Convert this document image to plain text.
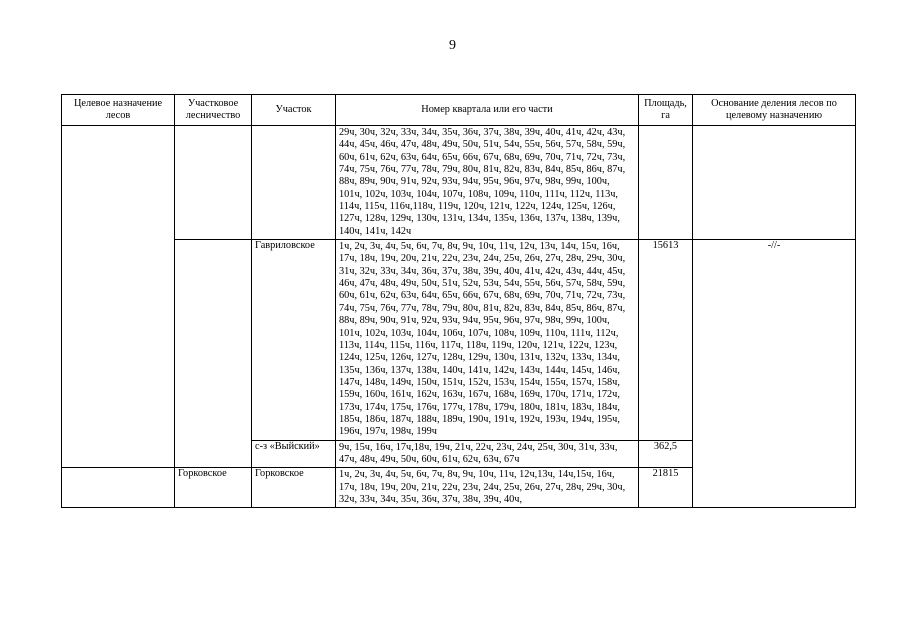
9
Целевое назначение лесов	Участковое лесничество	Участок	Номер квартала или его части	Площадь, га	Основание деления лесов по целевому назначению
			29ч, 30ч, 32ч, 33ч, 34ч, 35ч, 36ч, 37ч, 38ч, 39ч, 40ч, 41ч, 42ч, 43ч, 44ч, 45ч, 46ч, 47ч, 48ч, 49ч, 50ч, 51ч, 54ч, 55ч, 56ч, 57ч, 58ч, 59ч, 60ч, 61ч, 62ч, 63ч, 64ч, 65ч, 66ч, 67ч, 68ч, 69ч, 70ч, 71ч, 72ч, 73ч, 74ч, 75ч, 76ч, 77ч, 78ч, 79ч, 80ч, 81ч, 82ч, 83ч, 84ч, 85ч, 86ч, 87ч, 88ч, 89ч, 90ч, 91ч, 92ч, 93ч, 94ч, 95ч, 96ч, 97ч, 98ч, 99ч, 100ч, 101ч, 102ч, 103ч, 104ч, 107ч, 108ч, 109ч, 110ч, 111ч, 112ч, 113ч, 114ч, 115ч, 116ч,118ч, 119ч, 120ч, 121ч, 122ч, 124ч, 125ч, 126ч, 127ч, 128ч, 129ч, 130ч, 131ч, 134ч, 135ч, 136ч, 137ч, 138ч, 139ч, 140ч, 141ч, 142ч		
		Гавриловское	1ч, 2ч, 3ч, 4ч, 5ч, 6ч, 7ч, 8ч, 9ч, 10ч, 11ч, 12ч, 13ч, 14ч, 15ч, 16ч, 17ч, 18ч, 19ч, 20ч, 21ч, 22ч, 23ч, 24ч, 25ч, 26ч, 27ч, 28ч, 29ч, 30ч, 31ч, 32ч, 33ч, 34ч, 36ч, 37ч, 38ч, 39ч, 40ч, 41ч, 42ч, 43ч, 44ч, 45ч, 46ч, 47ч, 48ч, 49ч, 50ч, 51ч, 52ч, 53ч, 54ч, 55ч, 56ч, 57ч, 58ч, 59ч, 60ч, 61ч, 62ч, 63ч, 64ч, 65ч, 66ч, 67ч, 68ч, 69ч, 70ч, 71ч, 72ч, 73ч, 74ч, 75ч, 76ч, 77ч, 78ч, 79ч, 80ч, 81ч, 82ч, 83ч, 84ч, 85ч, 86ч, 87ч, 88ч, 89ч, 90ч, 91ч, 92ч, 93ч, 94ч, 95ч, 96ч, 97ч, 98ч, 99ч, 100ч, 101ч, 102ч, 103ч, 104ч, 106ч, 107ч, 108ч, 109ч, 110ч, 111ч, 112ч, 113ч, 114ч, 115ч, 116ч, 117ч, 118ч, 119ч, 120ч, 121ч, 122ч, 123ч, 124ч, 125ч, 126ч, 127ч, 128ч, 129ч, 130ч, 131ч, 132ч, 133ч, 134ч, 135ч, 136ч, 137ч, 138ч, 140ч, 141ч, 142ч, 143ч, 144ч, 145ч, 146ч, 147ч, 148ч, 149ч, 150ч, 151ч, 152ч, 153ч, 154ч, 155ч, 157ч, 158ч, 159ч, 160ч, 161ч, 162ч, 163ч, 167ч, 168ч, 169ч, 170ч, 171ч, 172ч, 173ч, 174ч, 175ч, 176ч, 177ч, 178ч, 179ч, 180ч, 181ч, 183ч, 184ч, 185ч, 186ч, 187ч, 188ч, 189ч, 190ч, 191ч, 192ч, 193ч, 194ч, 195ч, 196ч, 197ч, 198ч, 199ч	15613	-//-
		с-з «Выйский»	9ч, 15ч, 16ч, 17ч,18ч, 19ч, 21ч, 22ч, 23ч, 24ч, 25ч, 30ч, 31ч, 33ч, 47ч, 48ч, 49ч, 50ч, 60ч, 61ч, 62ч, 63ч, 67ч	362,5	
	Горковское	Горковское	1ч, 2ч, 3ч, 4ч, 5ч, 6ч, 7ч, 8ч, 9ч, 10ч, 11ч, 12ч,13ч, 14ч,15ч, 16ч, 17ч, 18ч, 19ч, 20ч, 21ч, 22ч, 23ч, 24ч, 25ч, 26ч, 27ч, 28ч, 29ч, 30ч, 32ч, 33ч, 34ч, 35ч, 36ч, 37ч, 38ч, 39ч, 40ч,	21815	
